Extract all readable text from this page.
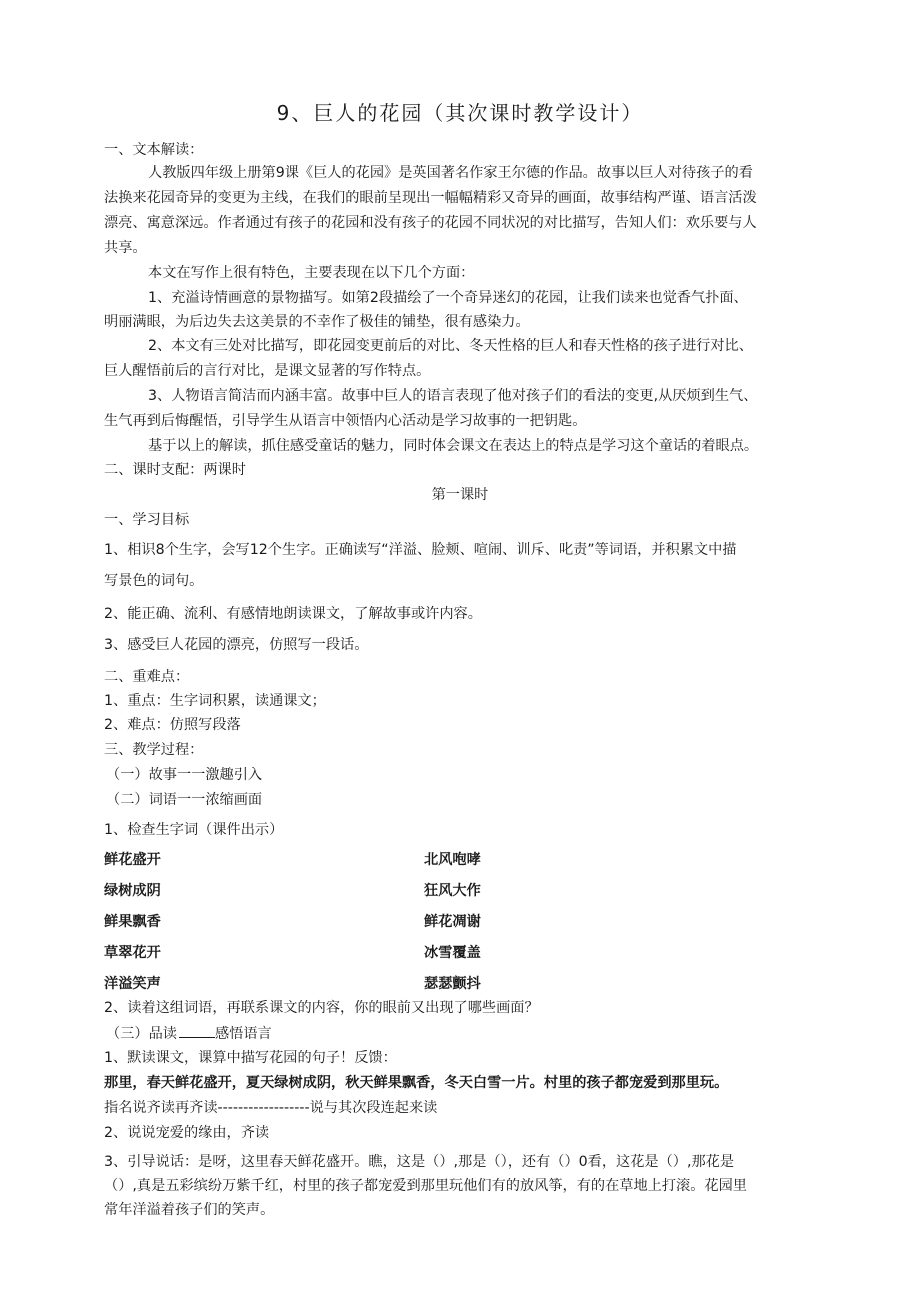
9、巨人的花园（其次课时教学设计）
一、文本解读：
人教版四年级上册第9课《巨人的花园》是英国著名作家王尔德的作品。故事以巨人对待孩子的看
法换来花园奇异的变更为主线，在我们的眼前呈现出一幅幅精彩又奇异的画面，故事结构严谨、语言活泼
漂亮、寓意深远。作者通过有孩子的花园和没有孩子的花园不同状况的对比描写，告知人们：欢乐要与人
共享。
本文在写作上很有特色，主要表现在以下几个方面：
1、充溢诗情画意的景物描写。如第2段描绘了一个奇异迷幻的花园，让我们读来也觉香气扑面、
明丽满眼，为后边失去这美景的不幸作了极佳的铺垫，很有感染力。
2、本文有三处对比描写，即花园变更前后的对比、冬天性格的巨人和春天性格的孩子进行对比、
巨人醒悟前后的言行对比，是课文显著的写作特点。
3、人物语言简洁而内涵丰富。故事中巨人的语言表现了他对孩子们的看法的变更,从厌烦到生气、
生气再到后悔醒悟，引导学生从语言中领悟内心活动是学习故事的一把钥匙。
基于以上的解读，抓住感受童话的魅力，同时体会课文在表达上的特点是学习这个童话的着眼点。
二、课时支配：两课时
第一课时
一、学习目标
1、相识8个生字，会写12个生字。正确读写“洋溢、脸颊、喧闹、训斥、叱责”等词语，并积累文中描
写景色的词句。
2、能正确、流利、有感情地朗读课文，了解故事或许内容。
3、感受巨人花园的漂亮，仿照写一段话。
二、重难点：
1、重点：生字词积累，读通课文；
2、难点：仿照写段落
三、教学过程：
（一）故事一一激趣引入
（二）词语一一浓缩画面
1、检查生字词（课件出示）
鲜花盛开	北风咆哮
绿树成阴	狂风大作
鲜果飘香	鲜花凋谢
草翠花开	冰雪覆盖
洋溢笑声	瑟瑟颤抖
2、读着这组词语，再联系课文的内容，你的眼前又出现了哪些画面？
（三）品读	感悟语言
1、默读课文，课算中描写花园的句子！反馈：
那里，春天鲜花盛开，夏天绿树成阴，秋天鲜果飘香，冬天白雪一片。村里的孩子都宠爱到那里玩。
指名说齐读再齐读------------------说与其次段连起来读
2、说说宠爱的缘由，齐读
3、引导说话：是呀，这里春天鲜花盛开。瞧，这是（）,那是（），还有（）0看，这花是（）,那花是
（）,真是五彩缤纷万紫千红，村里的孩子都宠爱到那里玩他们有的放风筝，有的在草地上打滚。花园里
常年洋溢着孩子们的笑声。
